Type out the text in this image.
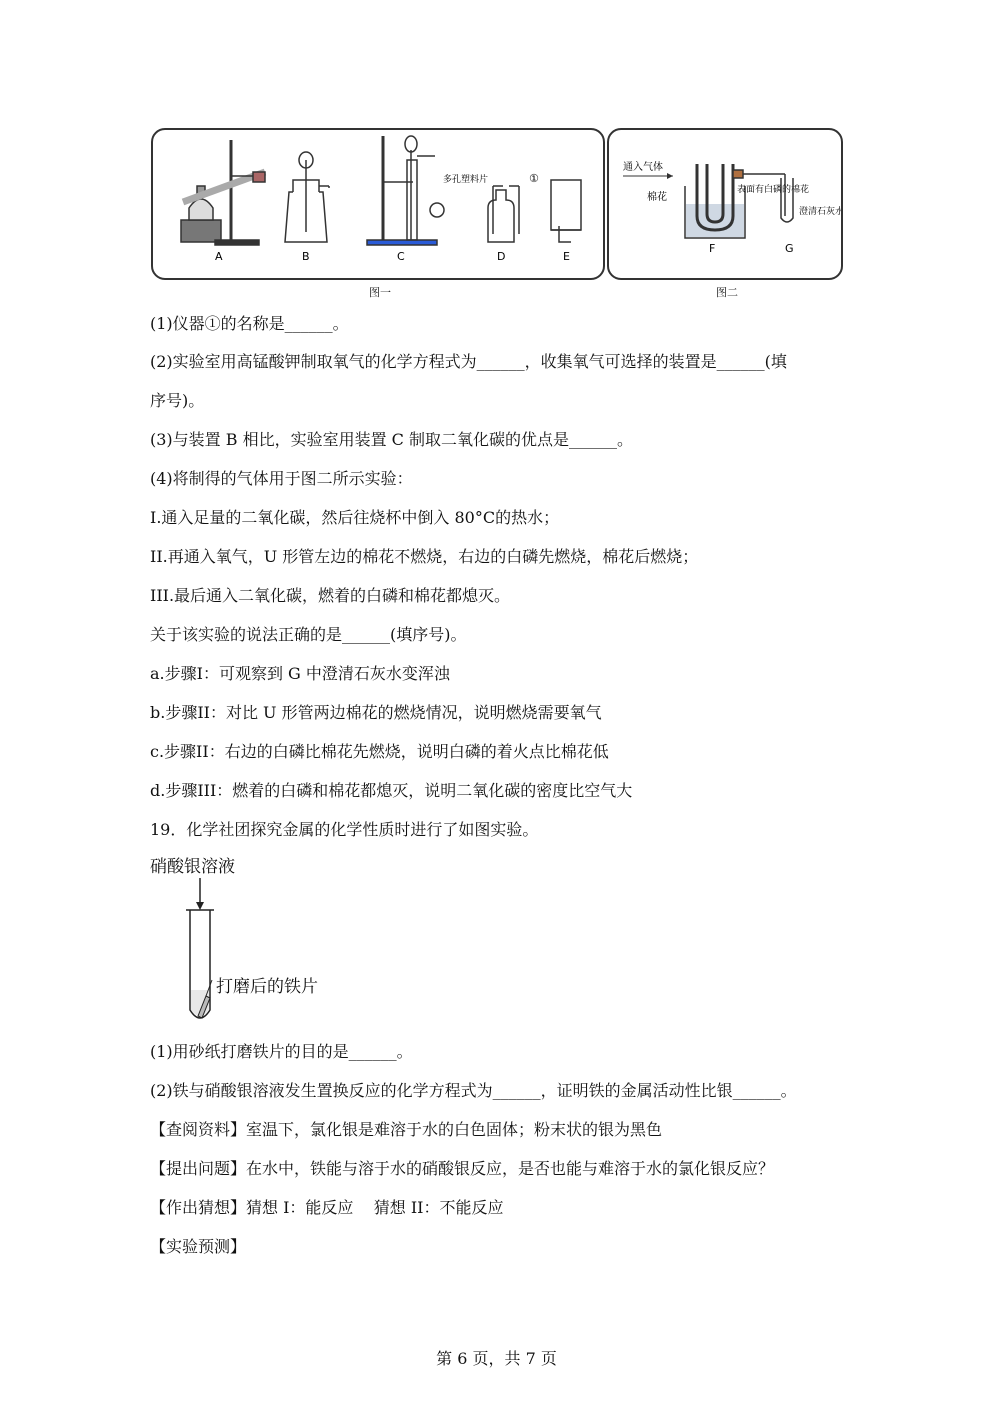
A	B
多孔塑料片
C	D
①
E
图一
通入气体
棉花
表面有白磷的棉花
F
澄清石灰水
G
图二
(1)仪器①的名称是______。
(2)实验室用高锰酸钾制取氧气的化学方程式为______，收集氧气可选择的装置是______(填
序号)。
(3)与装置 B 相比，实验室用装置 C 制取二氧化碳的优点是______。
(4)将制得的气体用于图二所示实验：
I.通入足量的二氧化碳，然后往烧杯中倒入 80°C的热水；
II.再通入氧气，U 形管左边的棉花不燃烧，右边的白磷先燃烧，棉花后燃烧；
III.最后通入二氧化碳，燃着的白磷和棉花都熄灭。
关于该实验的说法正确的是______(填序号)。
a.步骤I：可观察到 G 中澄清石灰水变浑浊
b.步骤II：对比 U 形管两边棉花的燃烧情况，说明燃烧需要氧气
c.步骤II：右边的白磷比棉花先燃烧，说明白磷的着火点比棉花低
d.步骤III：燃着的白磷和棉花都熄灭，说明二氧化碳的密度比空气大
19．化学社团探究金属的化学性质时进行了如图实验。
硝酸银溶液
打磨后的铁片
(1)用砂纸打磨铁片的目的是______。
(2)铁与硝酸银溶液发生置换反应的化学方程式为______，证明铁的金属活动性比银______。
【查阅资料】室温下，氯化银是难溶于水的白色固体；粉末状的银为黑色
【提出问题】在水中，铁能与溶于水的硝酸银反应，是否也能与难溶于水的氯化银反应？
【作出猜想】猜想 I：能反应    猜想 II：不能反应
【实验预测】
第 6 页，共 7 页
